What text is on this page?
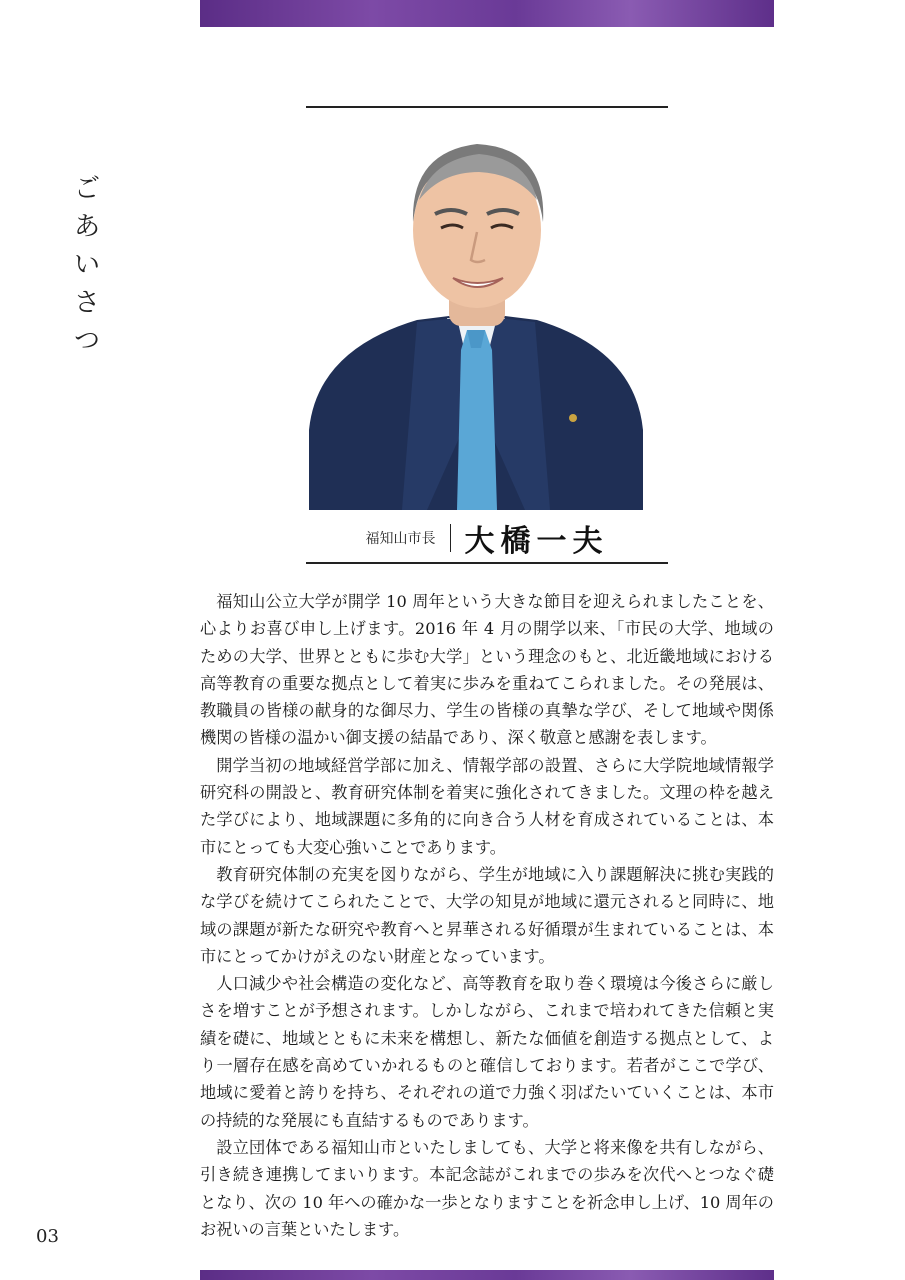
ご
あ
い
さ
つ
福知山市長 大橋一夫

福知山公立大学が開学 10 周年という大きな節目を迎えられましたことを、心よりお喜び申し上げます。2016 年 4 月の開学以来、「市民の大学、地域のための大学、世界とともに歩む大学」という理念のもと、北近畿地域における高等教育の重要な拠点として着実に歩みを重ねてこられました。その発展は、教職員の皆様の献身的な御尽力、学生の皆様の真摯な学び、そして地域や関係機関の皆様の温かい御支援の結晶であり、深く敬意と感謝を表します。

開学当初の地域経営学部に加え、情報学部の設置、さらに大学院地域情報学研究科の開設と、教育研究体制を着実に強化されてきました。文理の枠を越えた学びにより、地域課題に多角的に向き合う人材を育成されていることは、本市にとっても大変心強いことであります。

教育研究体制の充実を図りながら、学生が地域に入り課題解決に挑む実践的な学びを続けてこられたことで、大学の知見が地域に還元されると同時に、地域の課題が新たな研究や教育へと昇華される好循環が生まれていることは、本市にとってかけがえのない財産となっています。

人口減少や社会構造の変化など、高等教育を取り巻く環境は今後さらに厳しさを増すことが予想されます。しかしながら、これまで培われてきた信頼と実績を礎に、地域とともに未来を構想し、新たな価値を創造する拠点として、より一層存在感を高めていかれるものと確信しております。若者がここで学び、地域に愛着と誇りを持ち、それぞれの道で力強く羽ばたいていくことは、本市の持続的な発展にも直結するものであります。

設立団体である福知山市といたしましても、大学と将来像を共有しながら、引き続き連携してまいります。本記念誌がこれまでの歩みを次代へとつなぐ礎となり、次の 10 年への確かな一歩となりますことを祈念申し上げ、10 周年のお祝いの言葉といたします。

03
